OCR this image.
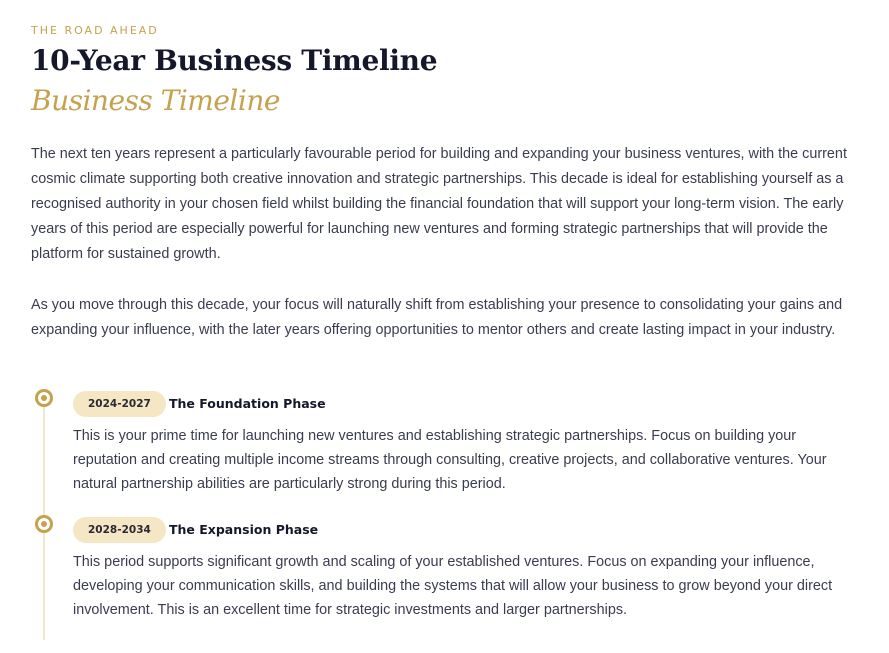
THE ROAD AHEAD
10-Year Business Timeline
Business Timeline

The next ten years represent a particularly favourable period for building and expanding your business ventures, with the current cosmic climate supporting both creative innovation and strategic partnerships. This decade is ideal for establishing yourself as a recognised authority in your chosen field whilst building the financial foundation that will support your long-term vision. The early years of this period are especially powerful for launching new ventures and forming strategic partnerships that will provide the platform for sustained growth.

As you move through this decade, your focus will naturally shift from establishing your presence to consolidating your gains and expanding your influence, with the later years offering opportunities to mentor others and create lasting impact in your industry.

2024-2027	The Foundation Phase

This is your prime time for launching new ventures and establishing strategic partnerships. Focus on building your reputation and creating multiple income streams through consulting, creative projects, and collaborative ventures. Your natural partnership abilities are particularly strong during this period.

2028-2034	The Expansion Phase

This period supports significant growth and scaling of your established ventures. Focus on expanding your influence, developing your communication skills, and building the systems that will allow your business to grow beyond your direct involvement. This is an excellent time for strategic investments and larger partnerships.
